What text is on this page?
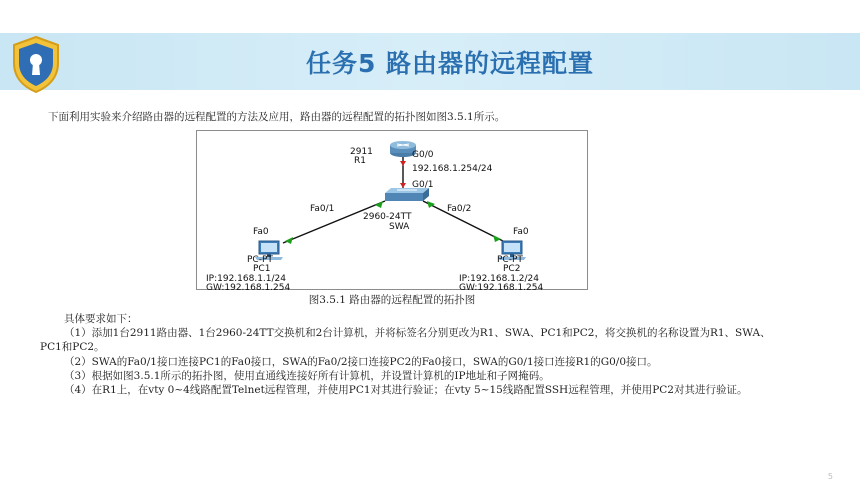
任务5 路由器的远程配置
下面利用实验来介绍路由器的远程配置的方法及应用，路由器的远程配置的拓扑图如图3.5.1所示。
2911
R1
G0/0
192.168.1.254/24
G0/1
Fa0/1	Fa0/2
2960-24TT
SWA
Fa0	Fa0
PC-PT
PC1
IP:192.168.1.1/24
GW:192.168.1.254
PC-PT
PC2
IP:192.168.1.2/24
GW:192.168.1.254
图3.5.1 路由器的远程配置的拓扑图

具体要求如下：

（1）添加1台2911路由器、1台2960-24TT交换机和2台计算机，并将标签名分别更改为R1、SWA、PC1和PC2，将交换机的名称设置为R1、SWA、PC1和PC2。

（2）SWA的Fa0/1接口连接PC1的Fa0接口，SWA的Fa0/2接口连接PC2的Fa0接口，SWA的G0/1接口连接R1的G0/0接口。

（3）根据如图3.5.1所示的拓扑图，使用直通线连接好所有计算机，并设置计算机的IP地址和子网掩码。

（4）在R1上，在vty 0~4线路配置Telnet远程管理，并使用PC1对其进行验证；在vty 5~15线路配置SSH远程管理，并使用PC2对其进行验证。

5
